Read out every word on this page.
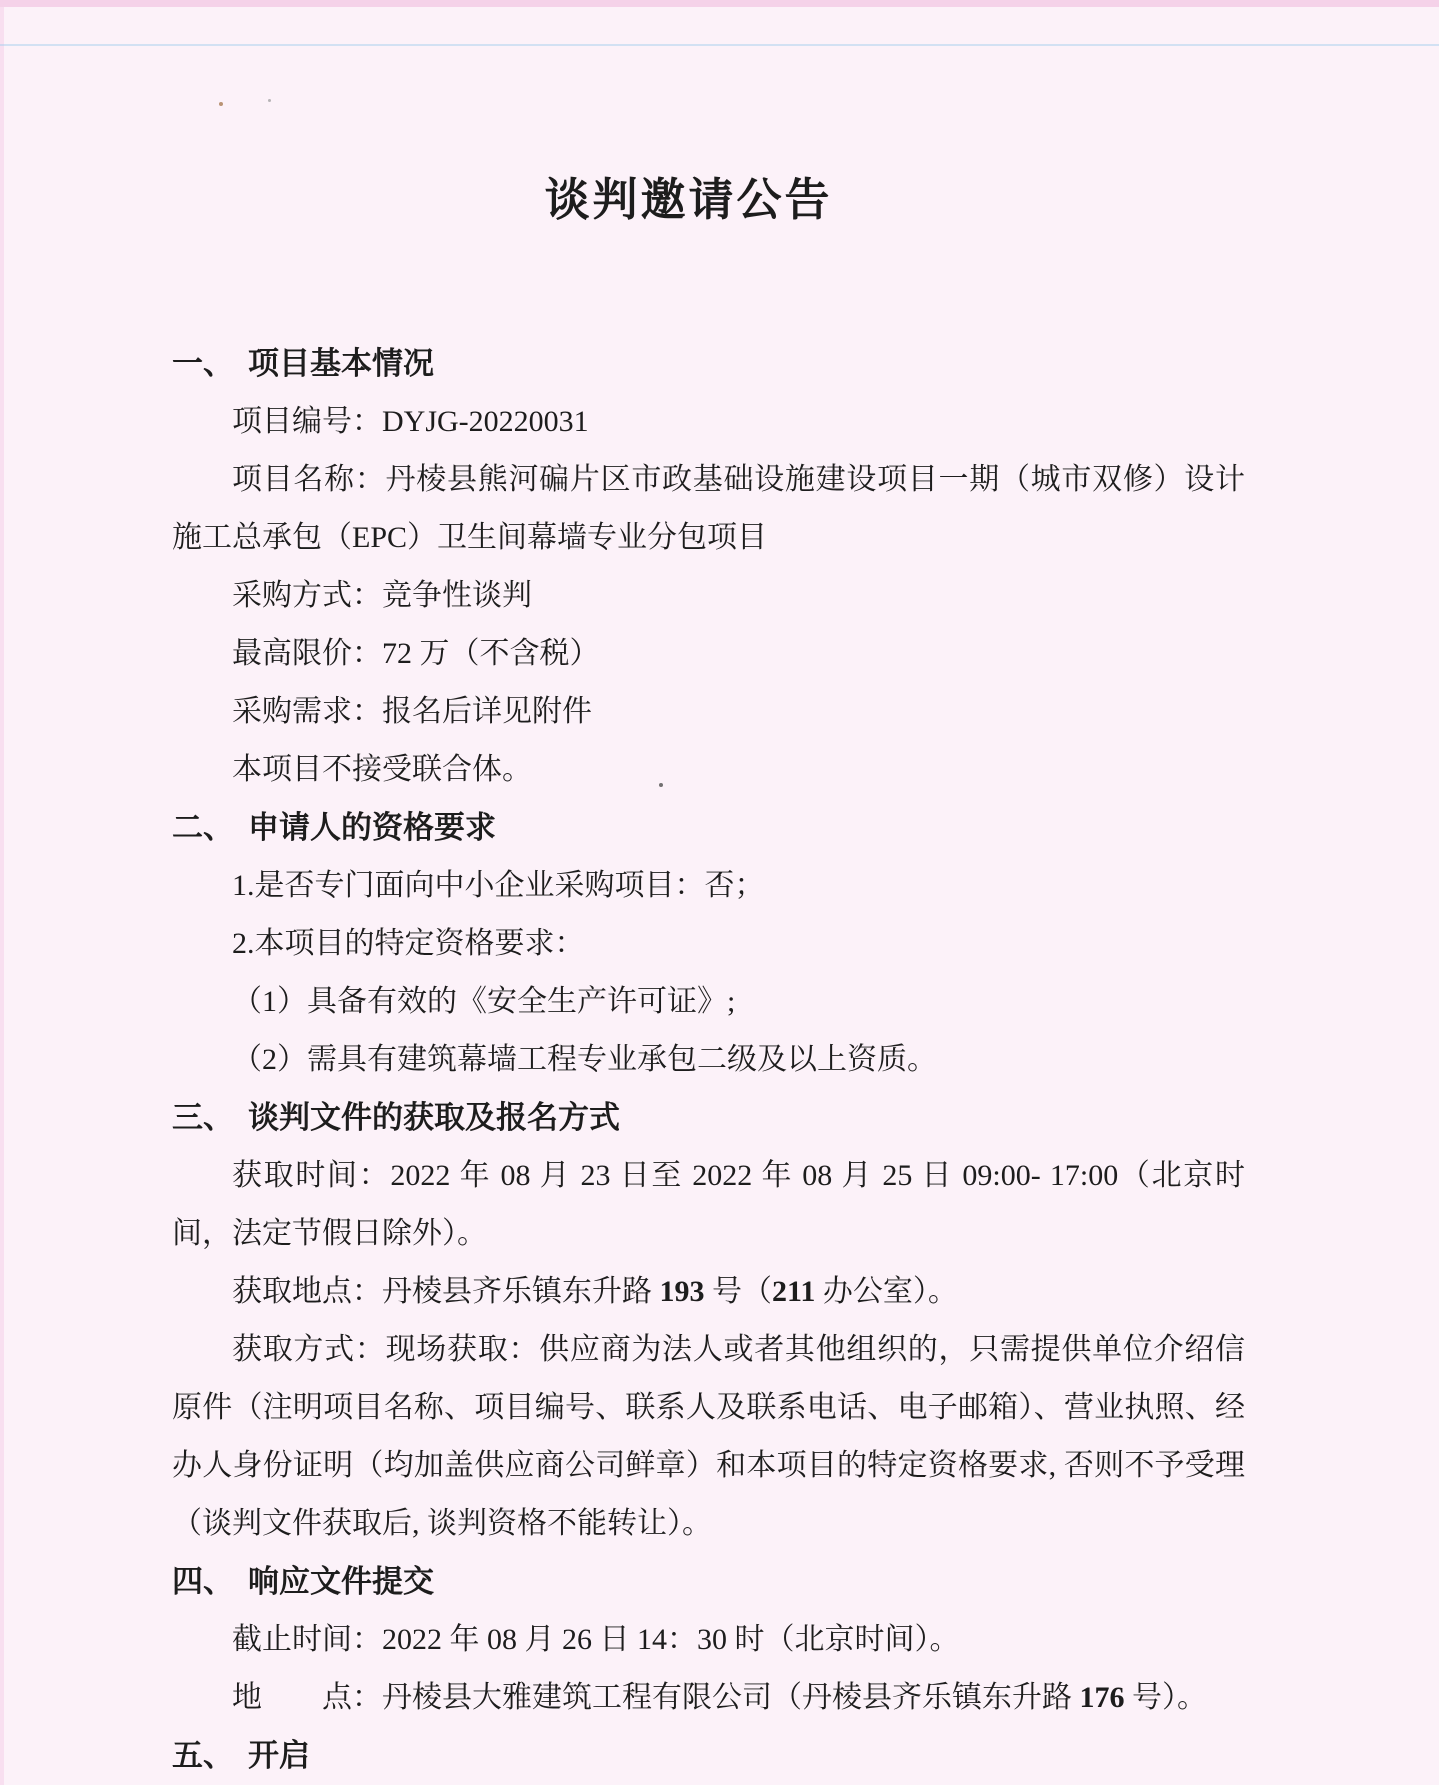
谈判邀请公告

一、 项目基本情况

项目编号：DYJG-20220031

项目名称：丹棱县熊河碥片区市政基础设施建设项目一期（城市双修）设计施工总承包（EPC）卫生间幕墙专业分包项目

采购方式：竞争性谈判

最高限价：72 万（不含税）

采购需求：报名后详见附件

本项目不接受联合体。

二、 申请人的资格要求

1.是否专门面向中小企业采购项目：否；

2.本项目的特定资格要求：

（1）具备有效的《安全生产许可证》;

（2）需具有建筑幕墙工程专业承包二级及以上资质。

三、 谈判文件的获取及报名方式

获取时间：2022 年 08 月 23 日至 2022 年 08 月 25 日 09:00- 17:00（北京时间，法定节假日除外）。

获取地点：丹棱县齐乐镇东升路 193 号（211 办公室）。

获取方式：现场获取：供应商为法人或者其他组织的，只需提供单位介绍信原件（注明项目名称、项目编号、联系人及联系电话、电子邮箱）、营业执照、经办人身份证明（均加盖供应商公司鲜章）和本项目的特定资格要求, 否则不予受理（谈判文件获取后, 谈判资格不能转让）。

四、 响应文件提交

截止时间：2022 年 08 月 26 日 14：30 时（北京时间）。

地　　点：丹棱县大雅建筑工程有限公司（丹棱县齐乐镇东升路 176 号）。

五、 开启
